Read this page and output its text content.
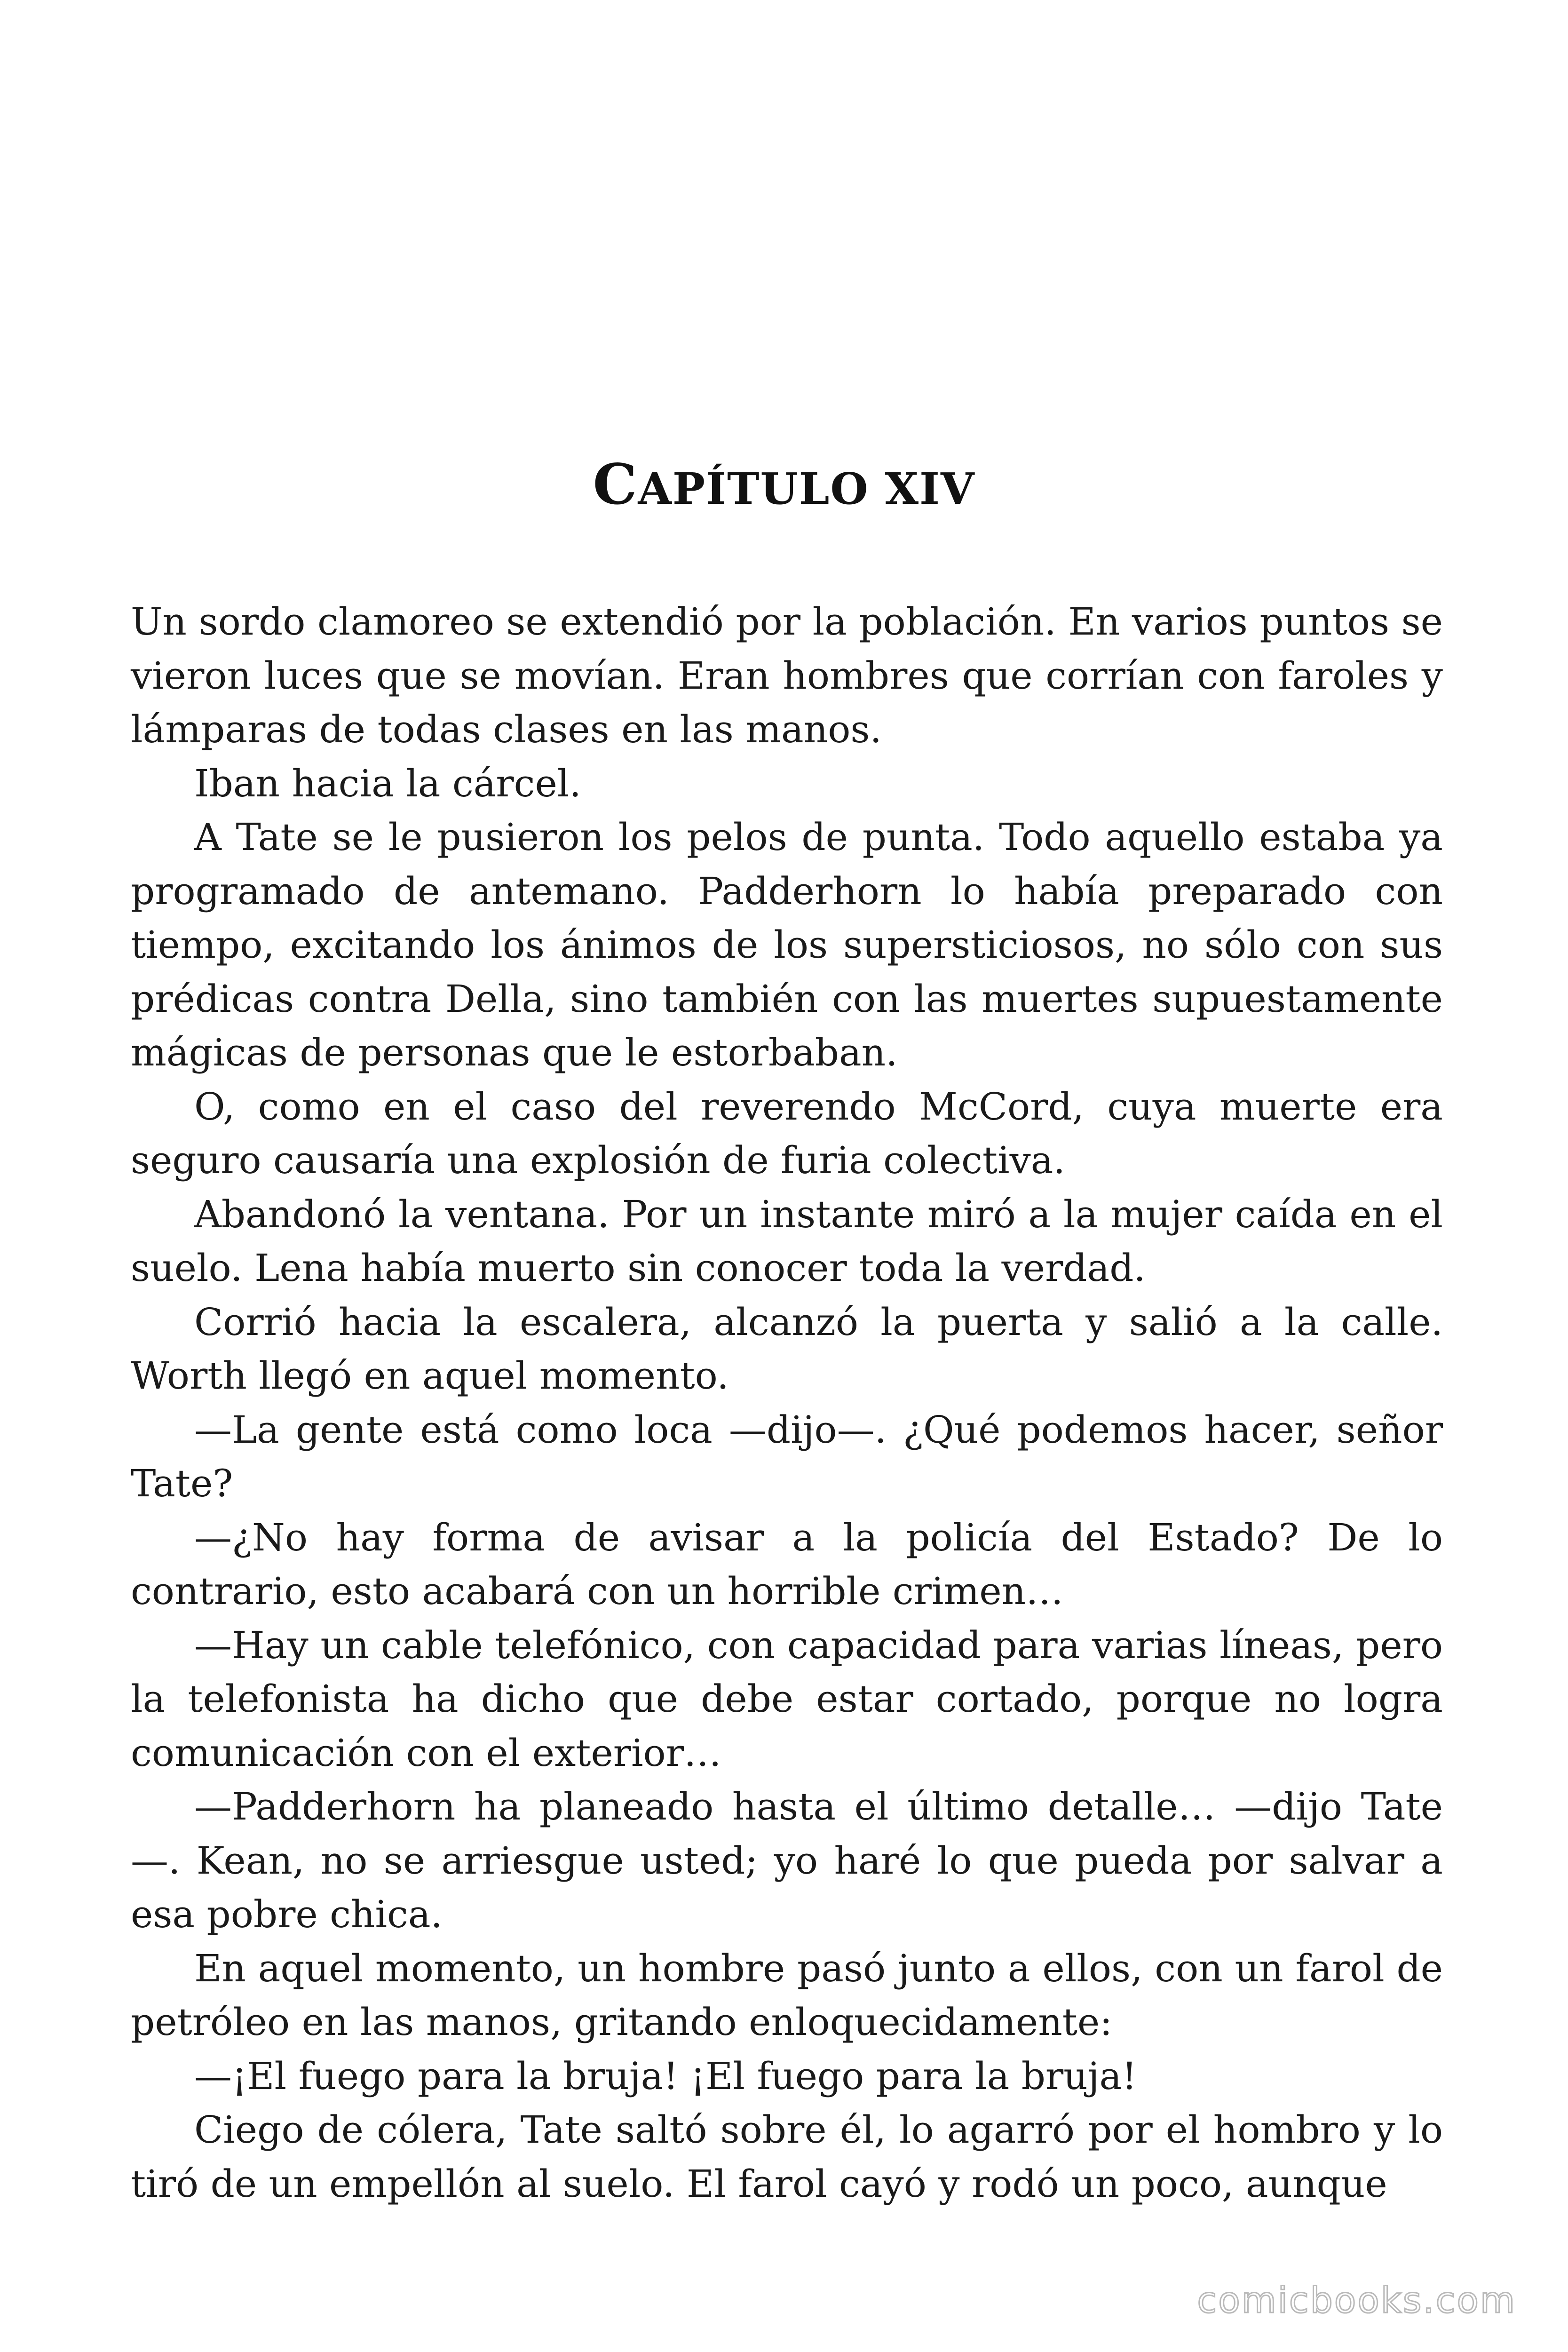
CAPÍTULO XIV

Un sordo clamoreo se extendió por la población. En varios puntos se vieron luces que se movían. Eran hombres que corrían con faroles y lámparas de todas clases en las manos.

Iban hacia la cárcel.

A Tate se le pusieron los pelos de punta. Todo aquello estaba ya programado de antemano. Padderhorn lo había preparado con tiempo, excitando los ánimos de los supersticiosos, no sólo con sus prédicas contra Della, sino también con las muertes supuestamente mágicas de personas que le estorbaban.

O, como en el caso del reverendo McCord, cuya muerte era seguro causaría una explosión de furia colectiva.

Abandonó la ventana. Por un instante miró a la mujer caída en el suelo. Lena había muerto sin conocer toda la verdad.

Corrió hacia la escalera, alcanzó la puerta y salió a la calle. Worth llegó en aquel momento.

—La gente está como loca —dijo—. ¿Qué podemos hacer, señor Tate?

—¿No hay forma de avisar a la policía del Estado? De lo contrario, esto acabará con un horrible crimen…

—Hay un cable telefónico, con capacidad para varias líneas, pero la telefonista ha dicho que debe estar cortado, porque no logra comunicación con el exterior…

—Padderhorn ha planeado hasta el último detalle… —dijo Tate —. Kean, no se arriesgue usted; yo haré lo que pueda por salvar a esa pobre chica.

En aquel momento, un hombre pasó junto a ellos, con un farol de petróleo en las manos, gritando enloquecidamente:

—¡El fuego para la bruja! ¡El fuego para la bruja!

Ciego de cólera, Tate saltó sobre él, lo agarró por el hombro y lo tiró de un empellón al suelo. El farol cayó y rodó un poco, aunque

comicbooks.com
